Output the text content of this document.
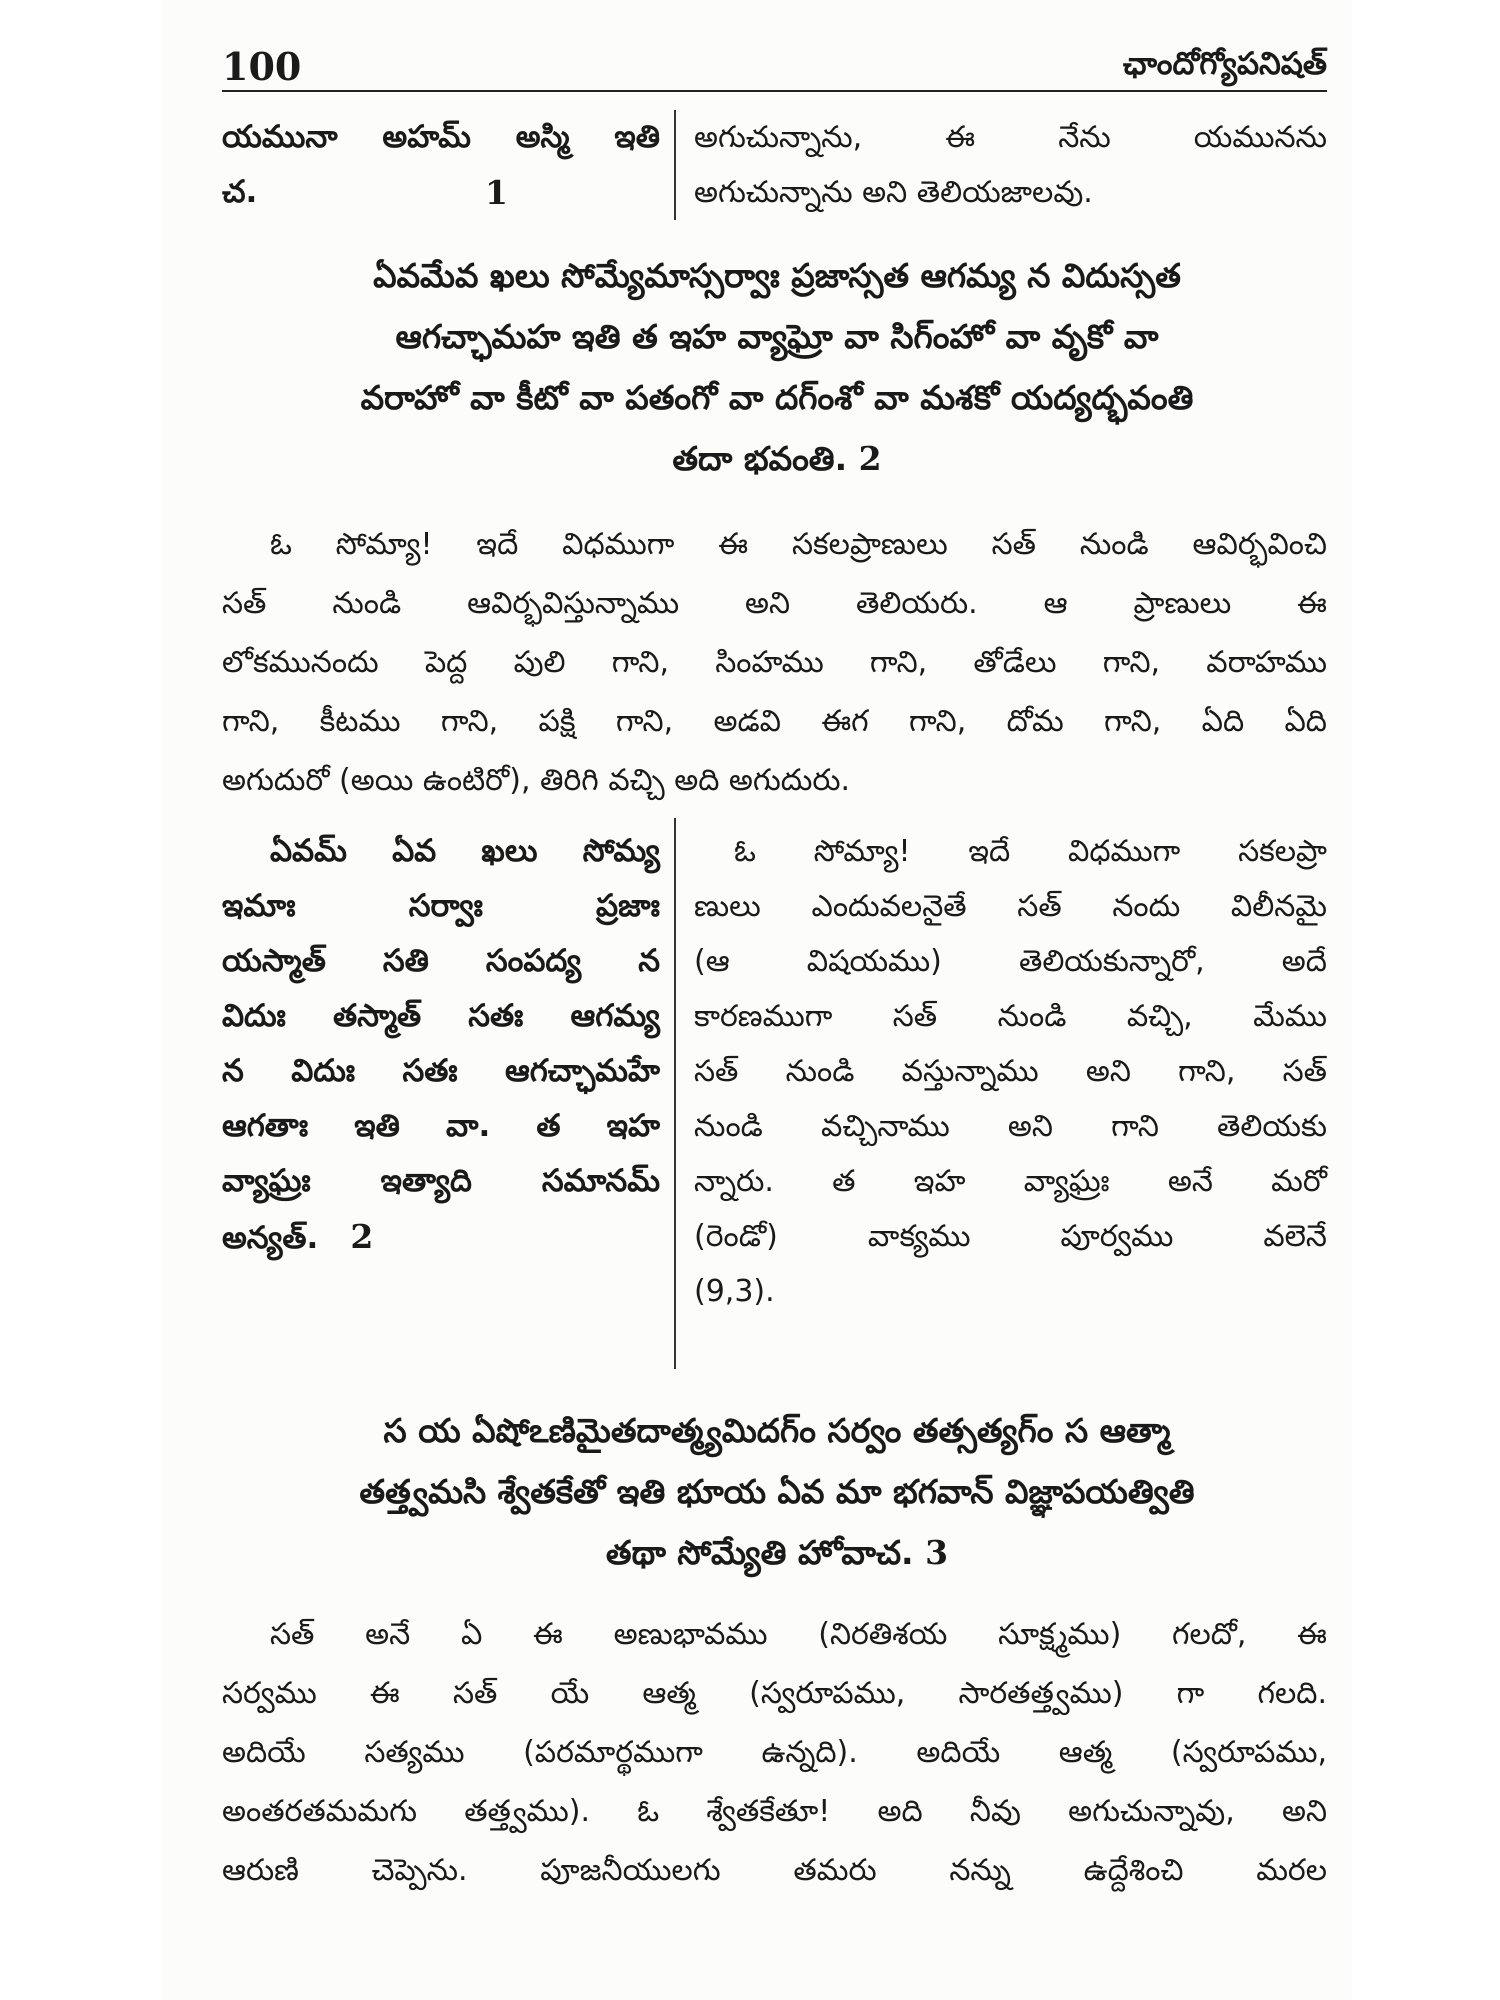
100	ఛాందోగ్యోపనిషత్
యమునా అహమ్ అస్మి ఇతి
చ.	1
అగుచున్నాను, ఈ నేను యమునను
అగుచున్నాను అని తెలియజాలవు.
ఏవమేవ ఖలు సోమ్యేమాస్సర్వాః ప్రజాస్సత ఆగమ్య న విదుస్సత
ఆగచ్ఛామహ ఇతి త ఇహ వ్యాఘ్రో వా సిగ్ంహో వా వృకో వా
వరాహో వా కీటో వా పతంగో వా దగ్ంశో వా మశకో యద్యద్భవంతి
తదా భవంతి. 2
ఓ సోమ్యా! ఇదే విధముగా ఈ సకలప్రాణులు సత్ నుండి ఆవిర్భవించి
సత్ నుండి ఆవిర్భవిస్తున్నాము అని తెలియరు. ఆ ప్రాణులు ఈ
లోకమునందు పెద్ద పులి గాని, సింహము గాని, తోడేలు గాని, వరాహము
గాని, కీటము గాని, పక్షి గాని, అడవి ఈగ గాని, దోమ గాని, ఏది ఏది
అగుదురో (అయి ఉంటిరో), తిరిగి వచ్చి అది అగుదురు.
ఏవమ్ ఏవ ఖలు సోమ్య
ఇమాః సర్వాః ప్రజాః
యస్మాత్ సతి సంపద్య న
విదుః తస్మాత్ సతః ఆగమ్య
న విదుః సతః ఆగచ్ఛామహే
ఆగతాః ఇతి వా. త ఇహ
వ్యాఘ్రః ఇత్యాది సమానమ్
అన్యత్. 2
ఓ సోమ్యా! ఇదే విధముగా సకలప్రా
ణులు ఎందువలనైతే సత్ నందు విలీనమై
(ఆ విషయము) తెలియకున్నారో, అదే
కారణముగా సత్ నుండి వచ్చి, మేము
సత్ నుండి వస్తున్నాము అని గాని, సత్
నుండి వచ్చినాము అని గాని తెలియకు
న్నారు. త ఇహ వ్యాఘ్రః అనే మరో
(రెండో) వాక్యము పూర్వము వలెనే
(9,3).
స య ఏషోఽణిమైతదాత్మ్యమిదగ్ం సర్వం తత్సత్యగ్ం స ఆత్మా
తత్త్వమసి శ్వేతకేతో ఇతి భూయ ఏవ మా భగవాన్ విజ్ఞాపయత్వితి
తథా సోమ్యేతి హోవాచ. 3
సత్ అనే ఏ ఈ అణుభావము (నిరతిశయ సూక్ష్మము) గలదో, ఈ
సర్వము ఈ సత్ యే ఆత్మ (స్వరూపము, సారతత్త్వము) గా గలది.
అదియే సత్యము (పరమార్థముగా ఉన్నది). అదియే ఆత్మ (స్వరూపము,
అంతరతమమగు తత్త్వము). ఓ శ్వేతకేతూ! అది నీవు అగుచున్నావు, అని
ఆరుణి చెప్పెను. పూజనీయులగు తమరు నన్ను ఉద్దేశించి మరల
